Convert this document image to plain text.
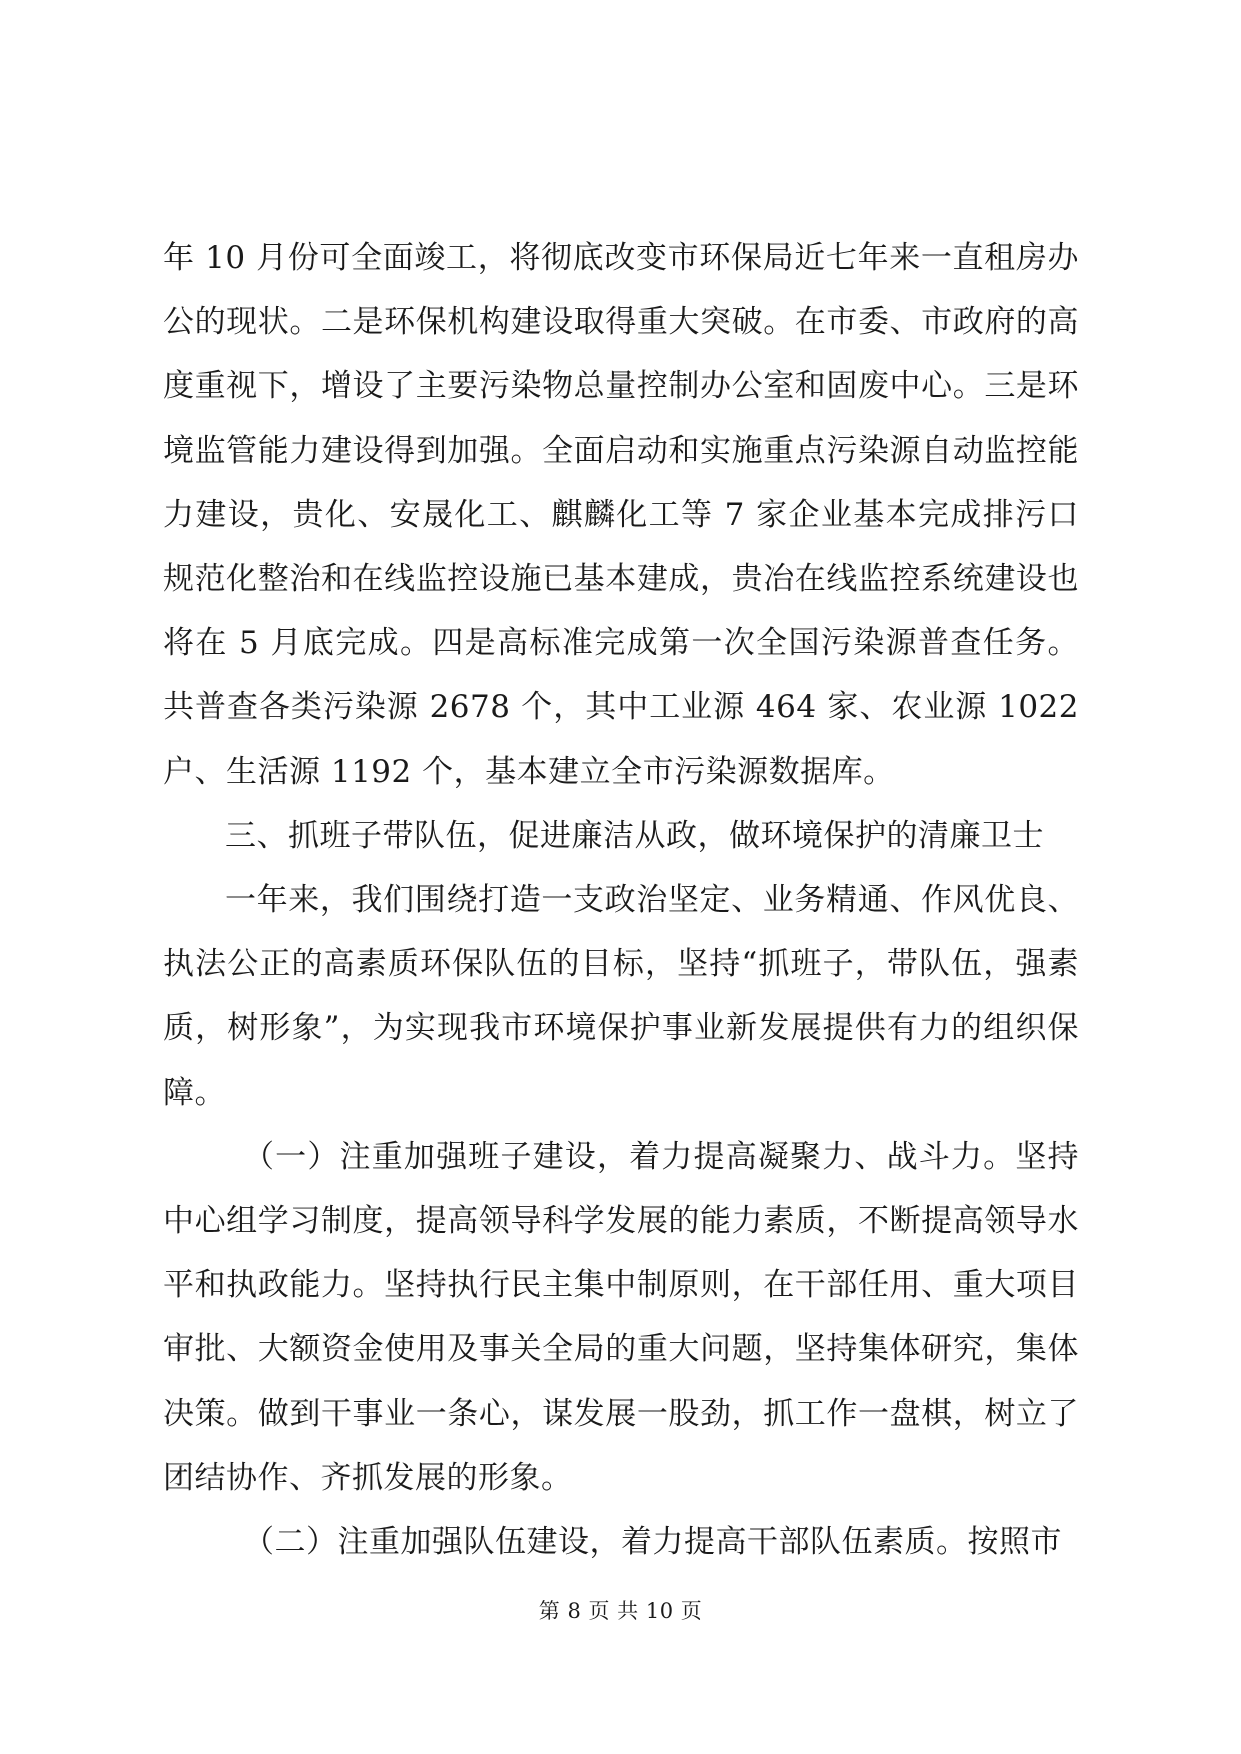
年 10 月份可全面竣工，将彻底改变市环保局近七年来一直租房办公的现状。二是环保机构建设取得重大突破。在市委、市政府的高度重视下，增设了主要污染物总量控制办公室和固废中心。三是环境监管能力建设得到加强。全面启动和实施重点污染源自动监控能力建设，贵化、安晟化工、麒麟化工等 7 家企业基本完成排污口规范化整治和在线监控设施已基本建成，贵冶在线监控系统建设也将在 5 月底完成。四是高标准完成第一次全国污染源普查任务。共普查各类污染源 2678 个，其中工业源 464 家、农业源 1022 户、生活源 1192 个，基本建立全市污染源数据库。

三、抓班子带队伍，促进廉洁从政，做环境保护的清廉卫士

一年来，我们围绕打造一支政治坚定、业务精通、作风优良、执法公正的高素质环保队伍的目标，坚持“抓班子，带队伍，强素质，树形象”，为实现我市环境保护事业新发展提供有力的组织保障。

（一）注重加强班子建设，着力提高凝聚力、战斗力。坚持中心组学习制度，提高领导科学发展的能力素质，不断提高领导水平和执政能力。坚持执行民主集中制原则，在干部任用、重大项目审批、大额资金使用及事关全局的重大问题，坚持集体研究，集体决策。做到干事业一条心，谋发展一股劲，抓工作一盘棋，树立了团结协作、齐抓发展的形象。

（二）注重加强队伍建设，着力提高干部队伍素质。按照市

第 8 页 共 10 页
